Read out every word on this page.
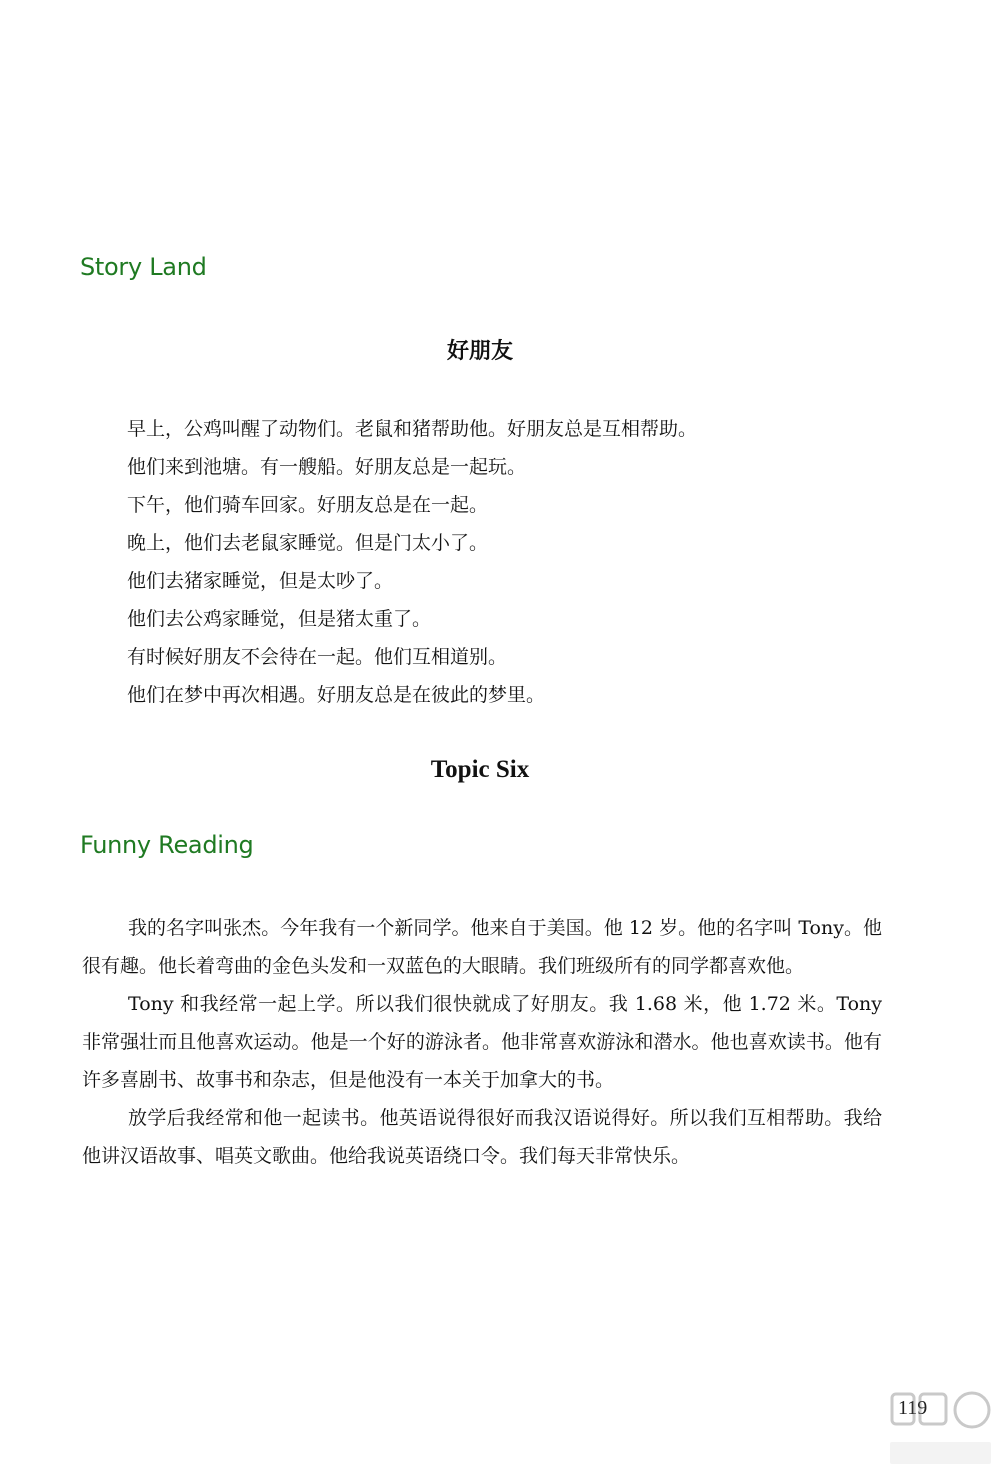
Story Land
好朋友
早上，公鸡叫醒了动物们。老鼠和猪帮助他。好朋友总是互相帮助。
他们来到池塘。有一艘船。好朋友总是一起玩。
下午，他们骑车回家。好朋友总是在一起。
晚上，他们去老鼠家睡觉。但是门太小了。
他们去猪家睡觉，但是太吵了。
他们去公鸡家睡觉，但是猪太重了。
有时候好朋友不会待在一起。他们互相道别。
他们在梦中再次相遇。好朋友总是在彼此的梦里。
Topic Six
Funny Reading

我的名字叫张杰。今年我有一个新同学。他来自于美国。他 12 岁。他的名字叫 Tony。他很有趣。他长着弯曲的金色头发和一双蓝色的大眼睛。我们班级所有的同学都喜欢他。

Tony 和我经常一起上学。所以我们很快就成了好朋友。我 1.68 米，他 1.72 米。Tony 非常强壮而且他喜欢运动。他是一个好的游泳者。他非常喜欢游泳和潜水。他也喜欢读书。他有许多喜剧书、故事书和杂志，但是他没有一本关于加拿大的书。

放学后我经常和他一起读书。他英语说得很好而我汉语说得好。所以我们互相帮助。我给他讲汉语故事、唱英文歌曲。他给我说英语绕口令。我们每天非常快乐。

119
